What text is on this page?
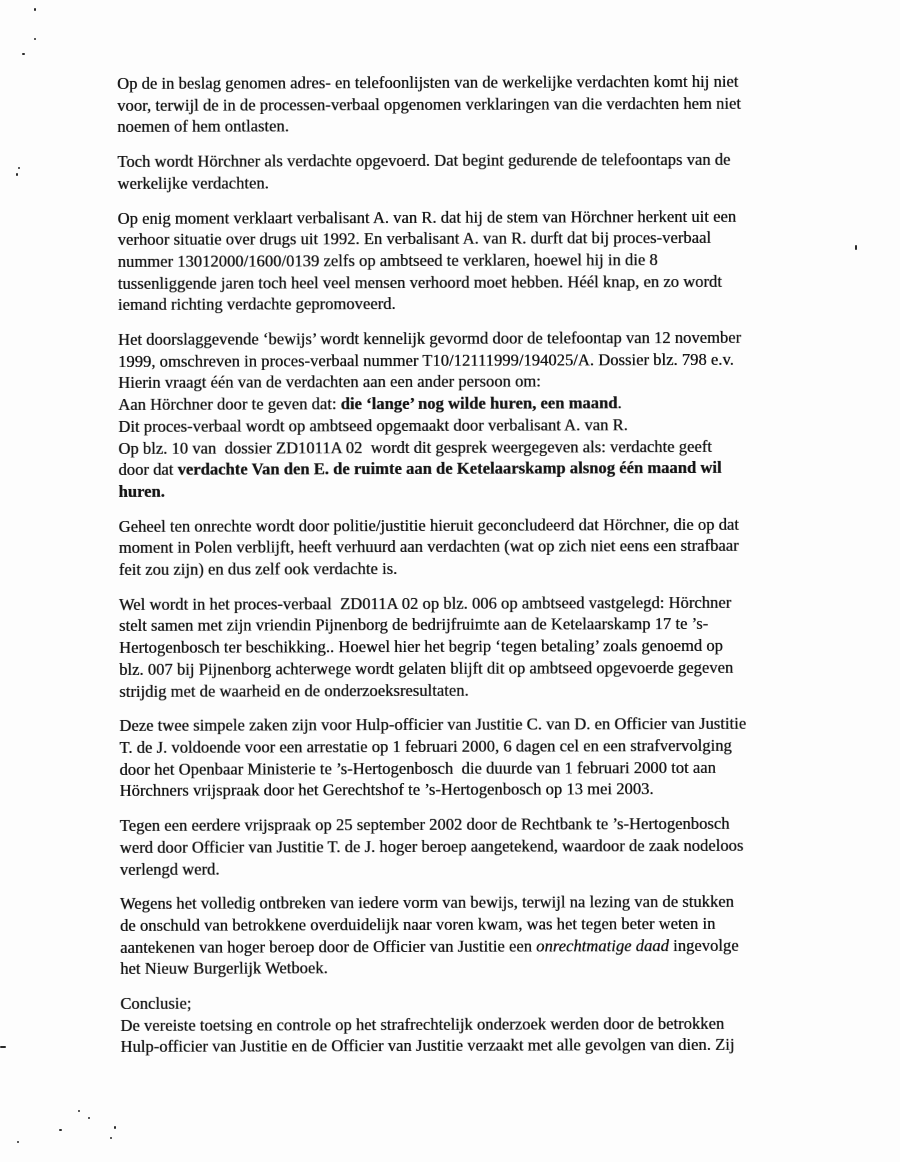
Op de in beslag genomen adres- en telefoonlijsten van de werkelijke verdachten komt hij niet
voor, terwijl de in de processen-verbaal opgenomen verklaringen van die verdachten hem niet
noemen of hem ontlasten.
Toch wordt Hörchner als verdachte opgevoerd. Dat begint gedurende de telefoontaps van de
werkelijke verdachten.
Op enig moment verklaart verbalisant A. van R. dat hij de stem van Hörchner herkent uit een
verhoor situatie over drugs uit 1992. En verbalisant A. van R. durft dat bij proces-verbaal
nummer 13012000/1600/0139 zelfs op ambtseed te verklaren, hoewel hij in die 8
tussenliggende jaren toch heel veel mensen verhoord moet hebben. Héél knap, en zo wordt
iemand richting verdachte gepromoveerd.
Het doorslaggevende ‘bewijs’ wordt kennelijk gevormd door de telefoontap van 12 november
1999, omschreven in proces-verbaal nummer T10/12111999/194025/A. Dossier blz. 798 e.v.
Hierin vraagt één van de verdachten aan een ander persoon om:
Aan Hörchner door te geven dat: die ‘lange’ nog wilde huren, een maand.
Dit proces-verbaal wordt op ambtseed opgemaakt door verbalisant A. van R.
Op blz. 10 van  dossier ZD1011A 02  wordt dit gesprek weergegeven als: verdachte geeft
door dat verdachte Van den E. de ruimte aan de Ketelaarskamp alsnog één maand wil
huren.
Geheel ten onrechte wordt door politie/justitie hieruit geconcludeerd dat Hörchner, die op dat
moment in Polen verblijft, heeft verhuurd aan verdachten (wat op zich niet eens een strafbaar
feit zou zijn) en dus zelf ook verdachte is.
Wel wordt in het proces-verbaal  ZD011A 02 op blz. 006 op ambtseed vastgelegd: Hörchner
stelt samen met zijn vriendin Pijnenborg de bedrijfruimte aan de Ketelaarskamp 17 te ’s-
Hertogenbosch ter beschikking.. Hoewel hier het begrip ‘tegen betaling’ zoals genoemd op
blz. 007 bij Pijnenborg achterwege wordt gelaten blijft dit op ambtseed opgevoerde gegeven
strijdig met de waarheid en de onderzoeksresultaten.
Deze twee simpele zaken zijn voor Hulp-officier van Justitie C. van D. en Officier van Justitie
T. de J. voldoende voor een arrestatie op 1 februari 2000, 6 dagen cel en een strafvervolging
door het Openbaar Ministerie te ’s-Hertogenbosch  die duurde van 1 februari 2000 tot aan
Hörchners vrijspraak door het Gerechtshof te ’s-Hertogenbosch op 13 mei 2003.
Tegen een eerdere vrijspraak op 25 september 2002 door de Rechtbank te ’s-Hertogenbosch
werd door Officier van Justitie T. de J. hoger beroep aangetekend, waardoor de zaak nodeloos
verlengd werd.
Wegens het volledig ontbreken van iedere vorm van bewijs, terwijl na lezing van de stukken
de onschuld van betrokkene overduidelijk naar voren kwam, was het tegen beter weten in
aantekenen van hoger beroep door de Officier van Justitie een onrechtmatige daad ingevolge
het Nieuw Burgerlijk Wetboek.
Conclusie;
De vereiste toetsing en controle op het strafrechtelijk onderzoek werden door de betrokken
Hulp-officier van Justitie en de Officier van Justitie verzaakt met alle gevolgen van dien. Zij
